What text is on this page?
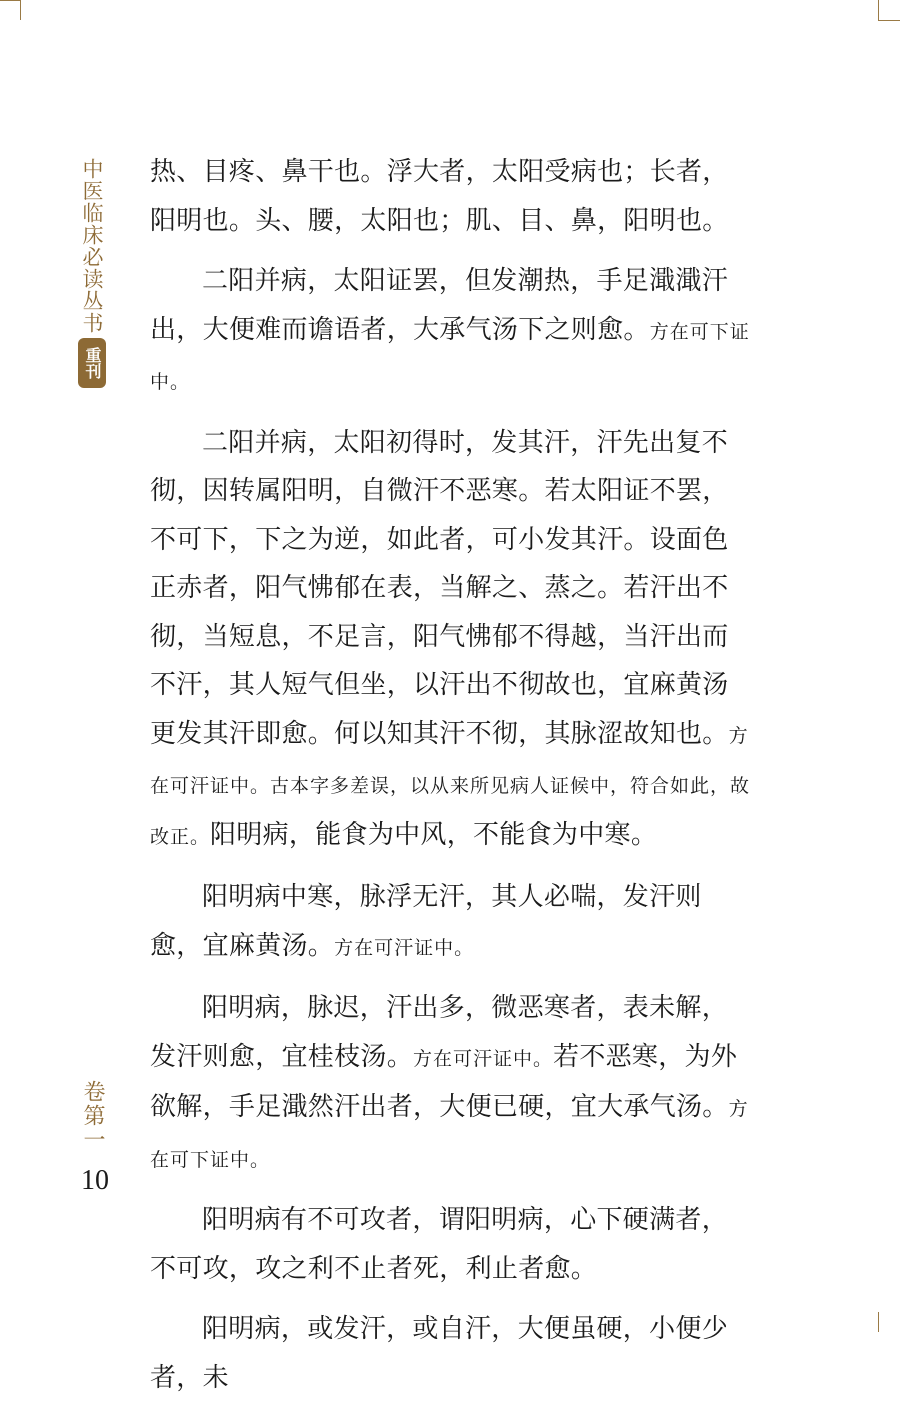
中医临床必读丛书
重刊
卷第一
10

热、目疼、鼻干也。浮大者，太阳受病也；长者，阳明也。头、腰，太阳也；肌、目、鼻，阳明也。

二阳并病，太阳证罢，但发潮热，手足濈濈汗出，大便难而谵语者，大承气汤下之则愈。方在可下证中。

二阳并病，太阳初得时，发其汗，汗先出复不彻，因转属阳明，自微汗不恶寒。若太阳证不罢，不可下，下之为逆，如此者，可小发其汗。设面色正赤者，阳气怫郁在表，当解之、蒸之。若汗出不彻，当短息，不足言，阳气怫郁不得越，当汗出而不汗，其人短气但坐，以汗出不彻故也，宜麻黄汤更发其汗即愈。何以知其汗不彻，其脉涩故知也。方在可汗证中。古本字多差误，以从来所见病人证候中，符合如此，故改正。阳明病，能食为中风，不能食为中寒。

阳明病中寒，脉浮无汗，其人必喘，发汗则愈，宜麻黄汤。方在可汗证中。

阳明病，脉迟，汗出多，微恶寒者，表未解，发汗则愈，宜桂枝汤。方在可汗证中。若不恶寒，为外欲解，手足濈然汗出者，大便已硬，宜大承气汤。方在可下证中。

阳明病有不可攻者，谓阳明病，心下硬满者，不可攻，攻之利不止者死，利止者愈。

阳明病，或发汗，或自汗，大便虽硬，小便少者，未
